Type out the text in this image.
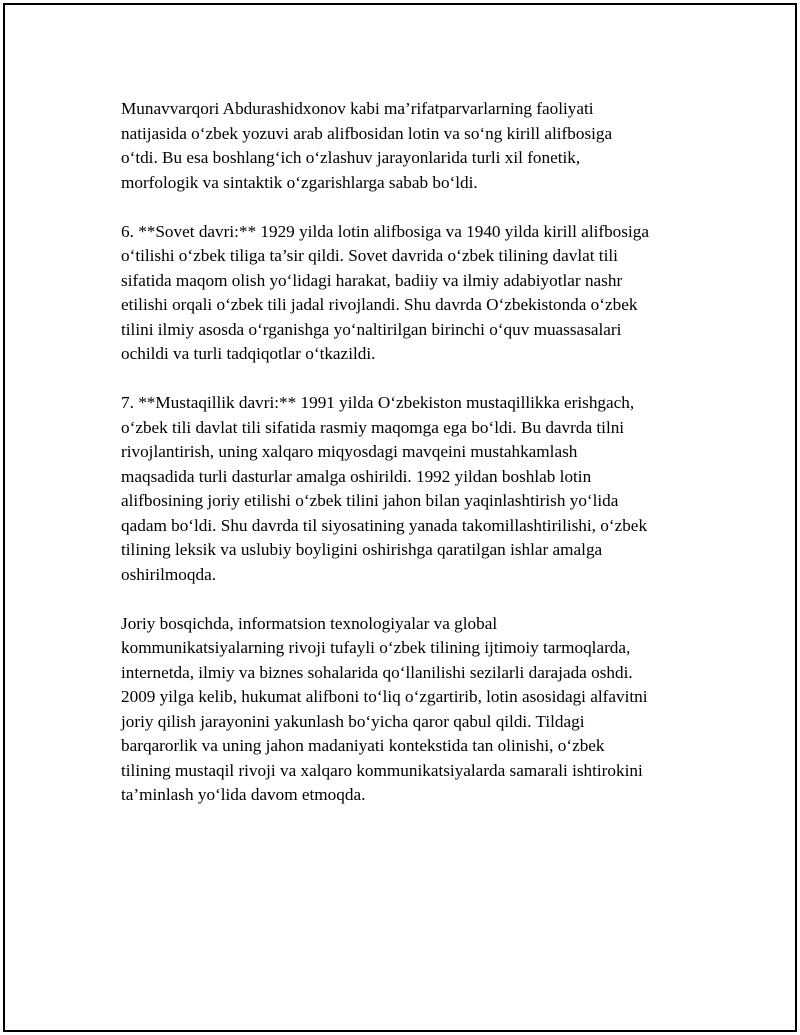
Munavvarqori Abdurashidxonov kabi ma’rifatparvarlarning faoliyati
natijasida o‘zbek yozuvi arab alifbosidan lotin va so‘ng kirill alifbosiga
o‘tdi. Bu esa boshlang‘ich o‘zlashuv jarayonlarida turli xil fonetik,
morfologik va sintaktik o‘zgarishlarga sabab bo‘ldi.

6. **Sovet davri:** 1929 yilda lotin alifbosiga va 1940 yilda kirill alifbosiga
o‘tilishi o‘zbek tiliga ta’sir qildi. Sovet davrida o‘zbek tilining davlat tili
sifatida maqom olish yo‘lidagi harakat, badiiy va ilmiy adabiyotlar nashr
etilishi orqali o‘zbek tili jadal rivojlandi. Shu davrda O‘zbekistonda o‘zbek
tilini ilmiy asosda o‘rganishga yo‘naltirilgan birinchi o‘quv muassasalari
ochildi va turli tadqiqotlar o‘tkazildi.

7. **Mustaqillik davri:** 1991 yilda O‘zbekiston mustaqillikka erishgach,
o‘zbek tili davlat tili sifatida rasmiy maqomga ega bo‘ldi. Bu davrda tilni
rivojlantirish, uning xalqaro miqyosdagi mavqeini mustahkamlash
maqsadida turli dasturlar amalga oshirildi. 1992 yildan boshlab lotin
alifbosining joriy etilishi o‘zbek tilini jahon bilan yaqinlashtirish yo‘lida
qadam bo‘ldi. Shu davrda til siyosatining yanada takomillashtirilishi, o‘zbek
tilining leksik va uslubiy boyligini oshirishga qaratilgan ishlar amalga
oshirilmoqda.

Joriy bosqichda, informatsion texnologiyalar va global
kommunikatsiyalarning rivoji tufayli o‘zbek tilining ijtimoiy tarmoqlarda,
internetda, ilmiy va biznes sohalarida qo‘llanilishi sezilarli darajada oshdi.
2009 yilga kelib, hukumat alifboni to‘liq o‘zgartirib, lotin asosidagi alfavitni
joriy qilish jarayonini yakunlash bo‘yicha qaror qabul qildi. Tildagi
barqarorlik va uning jahon madaniyati kontekstida tan olinishi, o‘zbek
tilining mustaqil rivoji va xalqaro kommunikatsiyalarda samarali ishtirokini
ta’minlash yo‘lida davom etmoqda.
